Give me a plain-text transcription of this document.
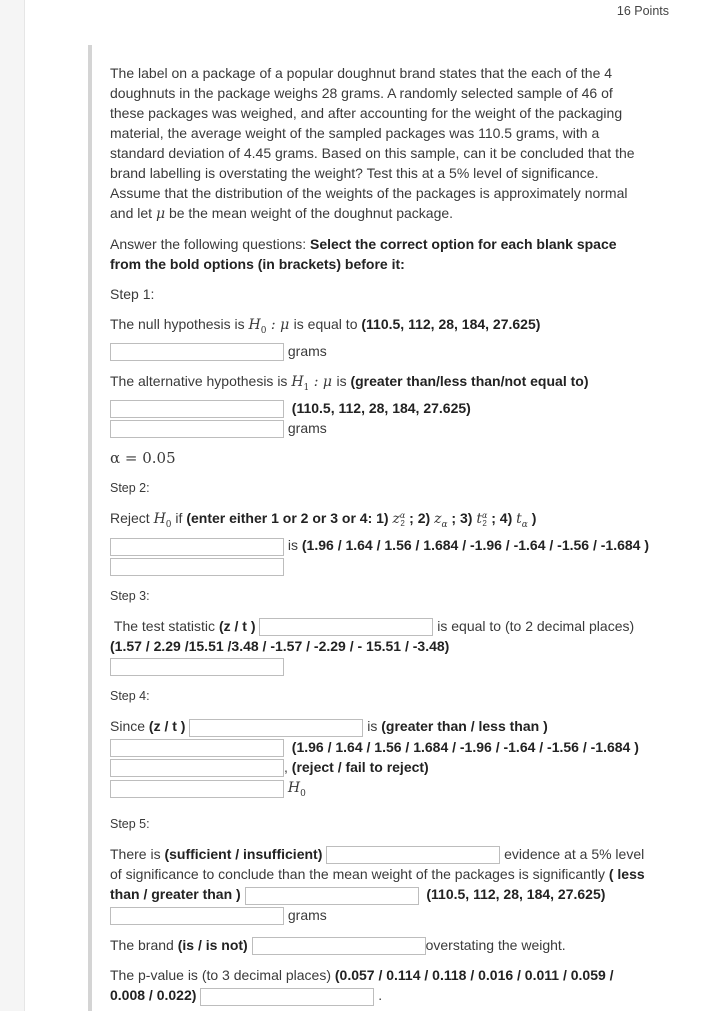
16 Points

The label on a package of a popular doughnut brand states that the each of the 4 doughnuts in the package weighs 28 grams. A randomly selected sample of 46 of these packages was weighed, and after accounting for the weight of the packaging material, the average weight of the sampled packages was 110.5 grams, with a standard deviation of 4.45 grams. Based on this sample, can it be concluded that the brand labelling is overstating the weight? Test this at a 5% level of significance. Assume that the distribution of the weights of the packages is approximately normal and let μ be the mean weight of the doughnut package.

Answer the following questions: Select the correct option for each blank space from the bold options (in brackets) before it:

Step 1:

The null hypothesis is $H_0$ : μ is equal to (110.5, 112, 28, 184, 27.625)
grams

The alternative hypothesis is $H_1$ : μ is (greater than/less than/not equal to)
(110.5, 112, 28, 184, 27.625)
grams

α = 0.05

Step 2:

Reject $H_0$ if (enter either 1 or 2 or 3 or 4: 1) z α
2 ; 2) $z_\alpha$ ; 3) t α
2 ; 4) $t_\alpha$ )
is (1.96 / 1.64 / 1.56 / 1.684 / -1.96 / -1.64 / -1.56 / -1.684 )

Step 3:

The test statistic (z / t )	is equal to (to 2 decimal places) (1.57 / 2.29 /15.51 /3.48 / -1.57 / -2.29 / - 15.51 / -3.48)

Step 4:

Since (z / t )	is (greater than / less than )
(1.96 / 1.64 / 1.56 / 1.684 / -1.96 / -1.64 / -1.56 / -1.684 ) , (reject / fail to reject)
$H_0$

Step 5:

There is (sufficient / insufficient)	evidence at a 5% level of significance to conclude than the mean weight of the packages is significantly ( less than / greater than )	(110.5, 112, 28, 184, 27.625)  grams

The brand (is / is not)	overstating the weight.

The p-value is (to 3 decimal places) (0.057 / 0.114 / 0.118 / 0.016 / 0.011 / 0.059 / 0.008 / 0.022)	.
